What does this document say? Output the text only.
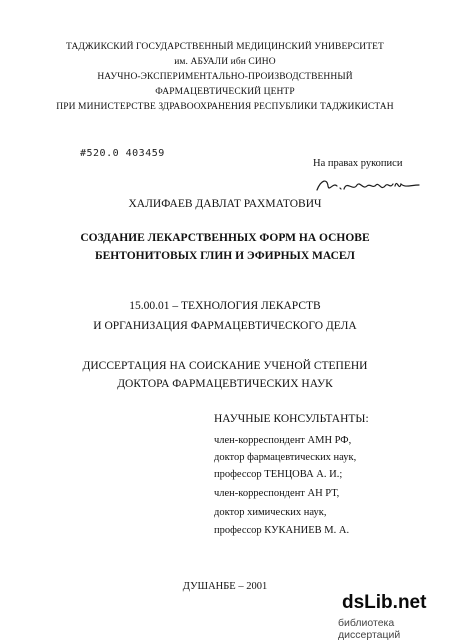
ТАДЖИКСКИЙ ГОСУДАРСТВЕННЫЙ МЕДИЦИНСКИЙ УНИВЕРСИТЕТ
им. АБУАЛИ ибн СИНО
НАУЧНО-ЭКСПЕРИМЕНТАЛЬНО-ПРОИЗВОДСТВЕННЫЙ
ФАРМАЦЕВТИЧЕСКИЙ ЦЕНТР
ПРИ МИНИСТЕРСТВЕ ЗДРАВООХРАНЕНИЯ РЕСПУБЛИКИ ТАДЖИКИСТАН
#520.0 403459
На правах рукописи
ХАЛИФАЕВ ДАВЛАТ РАХМАТОВИЧ
СОЗДАНИЕ ЛЕКАРСТВЕННЫХ ФОРМ НА ОСНОВЕ
БЕНТОНИТОВЫХ ГЛИН И ЭФИРНЫХ МАСЕЛ
15.00.01 – ТЕХНОЛОГИЯ ЛЕКАРСТВ
И ОРГАНИЗАЦИЯ ФАРМАЦЕВТИЧЕСКОГО ДЕЛА
ДИССЕРТАЦИЯ НА СОИСКАНИЕ УЧЕНОЙ СТЕПЕНИ
ДОКТОРА ФАРМАЦЕВТИЧЕСКИХ НАУК
НАУЧНЫЕ КОНСУЛЬТАНТЫ:
член-корреспондент АМН РФ,
доктор фармацевтических наук,
профессор ТЕНЦОВА А. И.;
член-корреспондент АН РТ,
доктор химических наук,
профессор КУКАНИЕВ М. А.
ДУШАНБЕ – 2001
dsLib.net
библиотека диссертаций
